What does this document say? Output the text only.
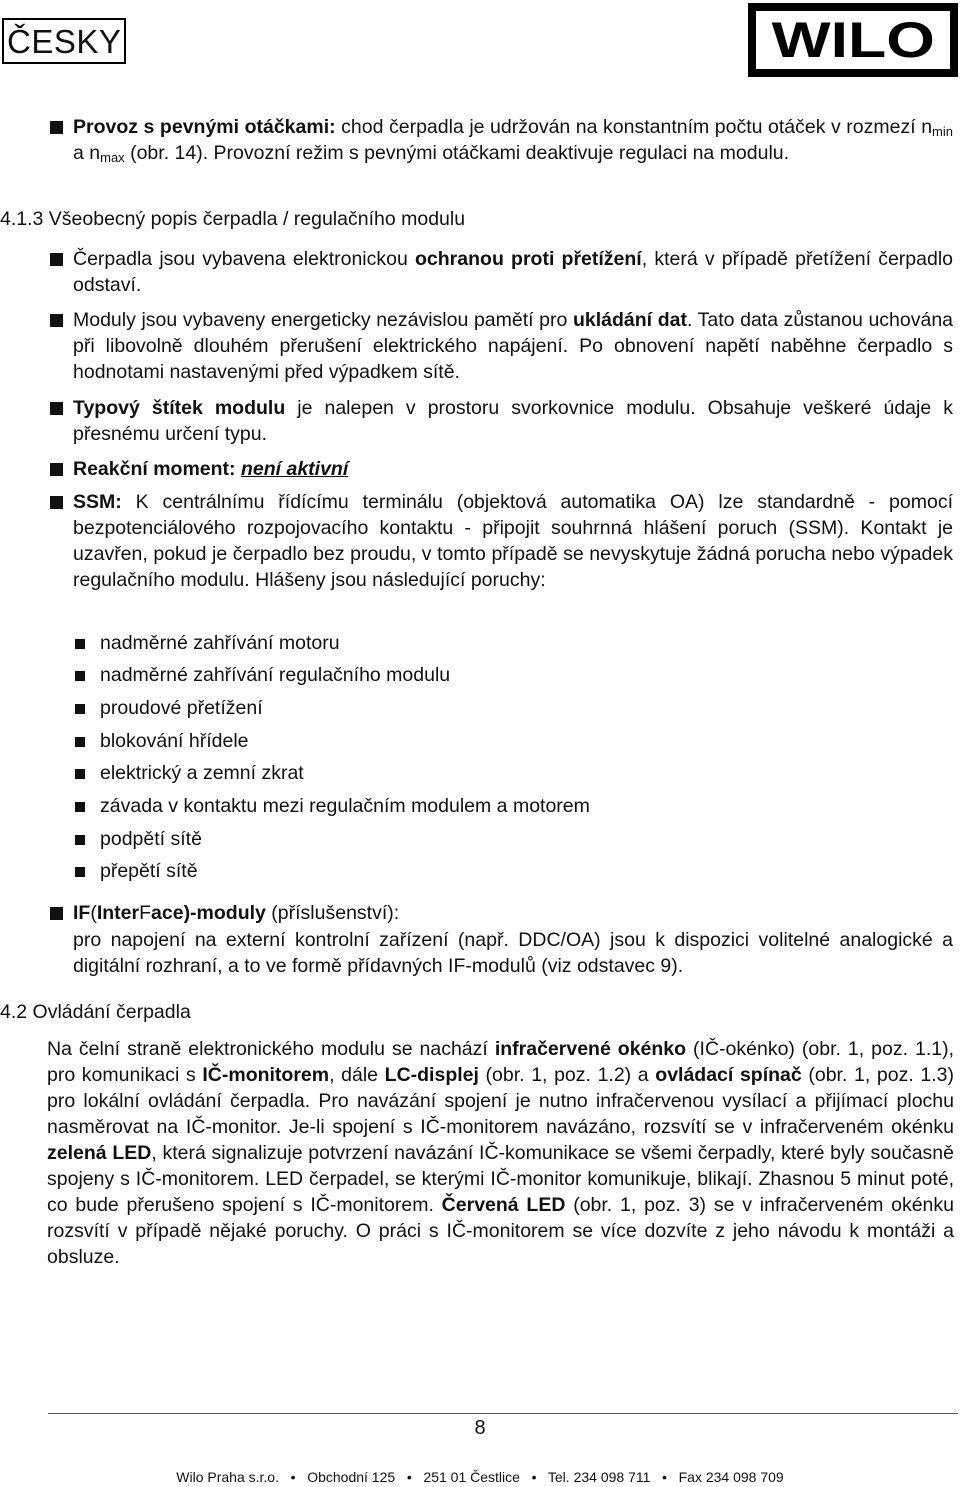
ČESKY	WILO
Provoz s pevnými otáčkami: chod čerpadla je udržován na konstantním počtu otáček v rozmezí $n_{min}$ a $n_{max}$ (obr. 14). Provozní režim s pevnými otáčkami deaktivuje regulaci na modulu.
4.1.3 Všeobecný popis čerpadla / regulačního modulu
Čerpadla jsou vybavena elektronickou ochranou proti přetížení, která v případě přetížení čerpadlo odstaví.
Moduly jsou vybaveny energeticky nezávislou pamětí pro ukládání dat. Tato data zůstanou uchována při libovolně dlouhém přerušení elektrického napájení. Po obnovení napětí naběhne čerpadlo s hodnotami nastavenými před výpadkem sítě.
Typový štítek modulu je nalepen v prostoru svorkovnice modulu. Obsahuje veškeré údaje k přesnému určení typu.
Reakční moment: není aktivní
SSM: K centrálnímu řídícímu terminálu (objektová automatika OA) lze standardně - pomocí bezpotenciálového rozpojovacího kontaktu - připojit souhrnná hlášení poruch (SSM). Kontakt je uzavřen, pokud je čerpadlo bez proudu, v tomto případě se nevyskytuje žádná porucha nebo výpadek regulačního modulu. Hlášeny jsou následující poruchy:
nadměrné zahřívání motoru
nadměrné zahřívání regulačního modulu
proudové přetížení
blokování hřídele
elektrický a zemní zkrat
závada v kontaktu mezi regulačním modulem a motorem
podpětí sítě
přepětí sítě
IF(InterFace)-moduly (příslušenství):
pro napojení na externí kontrolní zařízení (např. DDC/OA) jsou k dispozici volitelné analogické a digitální rozhraní, a to ve formě přídavných IF-modulů (viz odstavec 9).
4.2 Ovládání čerpadla
Na čelní straně elektronického modulu se nachází infračervené okénko (IČ-okénko) (obr. 1, poz. 1.1), pro komunikaci s IČ-monitorem, dále LC-displej (obr. 1, poz. 1.2) a ovládací spínač (obr. 1, poz. 1.3) pro lokální ovládání čerpadla. Pro navázání spojení je nutno infračervenou vysílací a přijímací plochu nasměrovat na IČ-monitor. Je-li spojení s IČ-monitorem navázáno, rozsvítí se v infračerveném okénku zelená LED, která signalizuje potvrzení navázání IČ-komunikace se všemi čerpadly, které byly současně spojeny s IČ-monitorem. LED čerpadel, se kterými IČ-monitor komunikuje, blikají. Zhasnou 5 minut poté, co bude přerušeno spojení s IČ-monitorem. Červená LED (obr. 1, poz. 3) se v infračerveném okénku rozsvítí v případě nějaké poruchy. O práci s IČ-monitorem se více dozvíte z jeho návodu k montáži a obsluze.
8
Wilo Praha s.r.o.   •   Obchodní 125   •   251 01 Čestlice   •   Tel. 234 098 711   •   Fax 234 098 709
